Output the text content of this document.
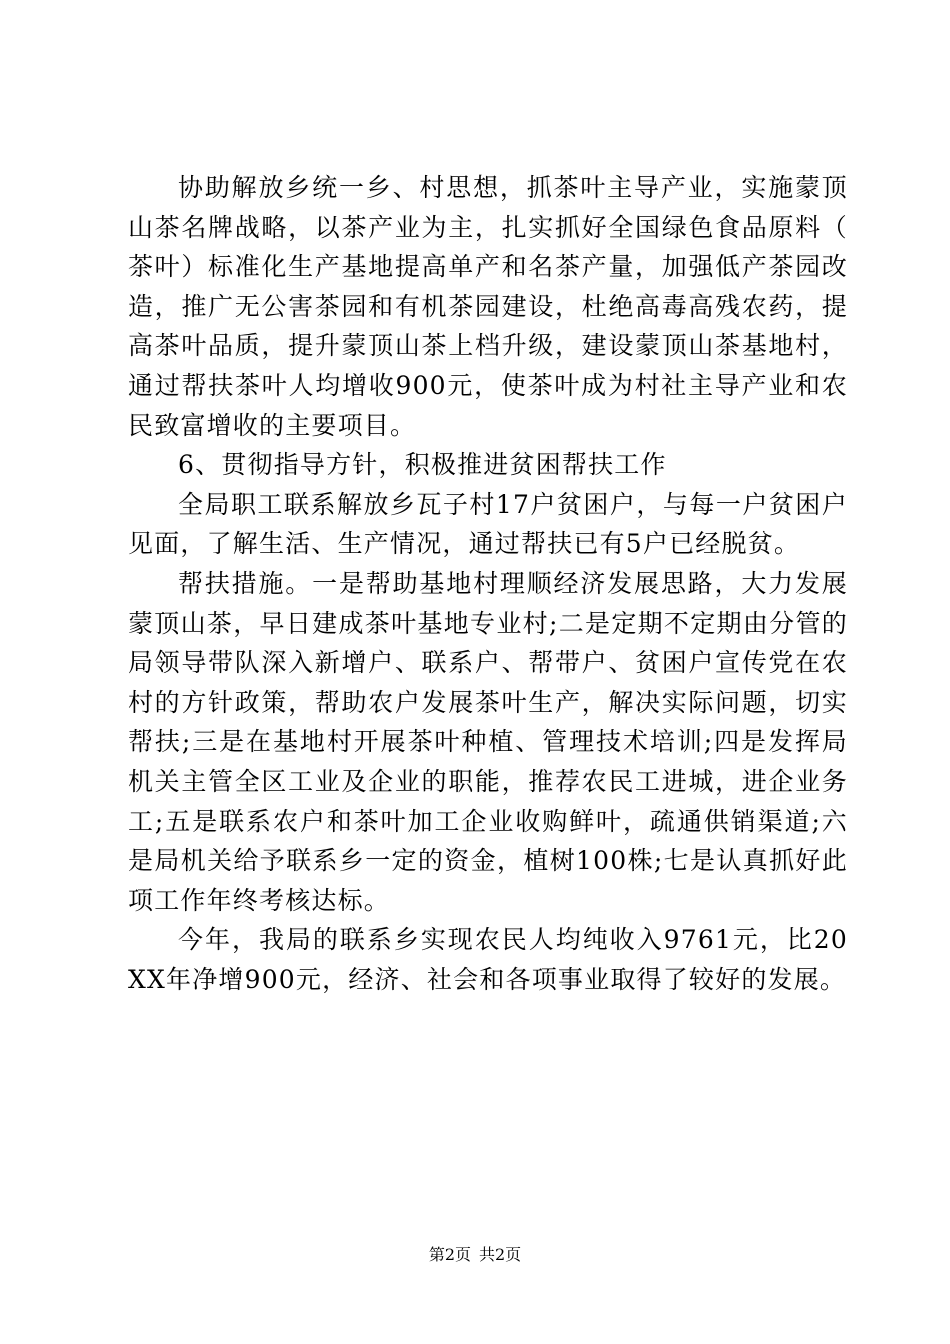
协助解放乡统一乡、村思想，抓茶叶主导产业，实施蒙顶山茶名牌战略，以茶产业为主，扎实抓好全国绿色食品原料（茶叶）标准化生产基地提高单产和名茶产量，加强低产茶园改造，推广无公害茶园和有机茶园建设，杜绝高毒高残农药，提高茶叶品质，提升蒙顶山茶上档升级，建设蒙顶山茶基地村，通过帮扶茶叶人均增收900元，使茶叶成为村社主导产业和农民致富增收的主要项目。

6、贯彻指导方针，积极推进贫困帮扶工作

全局职工联系解放乡瓦子村17户贫困户，与每一户贫困户见面，了解生活、生产情况，通过帮扶已有5户已经脱贫。

帮扶措施。一是帮助基地村理顺经济发展思路，大力发展蒙顶山茶，早日建成茶叶基地专业村;二是定期不定期由分管的局领导带队深入新增户、联系户、帮带户、贫困户宣传党在农村的方针政策，帮助农户发展茶叶生产，解决实际问题，切实帮扶;三是在基地村开展茶叶种植、管理技术培训;四是发挥局机关主管全区工业及企业的职能，推荐农民工进城，进企业务工;五是联系农户和茶叶加工企业收购鲜叶，疏通供销渠道;六是局机关给予联系乡一定的资金，植树100株;七是认真抓好此项工作年终考核达标。

今年，我局的联系乡实现农民人均纯收入9761元，比20XX年净增900元，经济、社会和各项事业取得了较好的发展。

第2页 共2页
